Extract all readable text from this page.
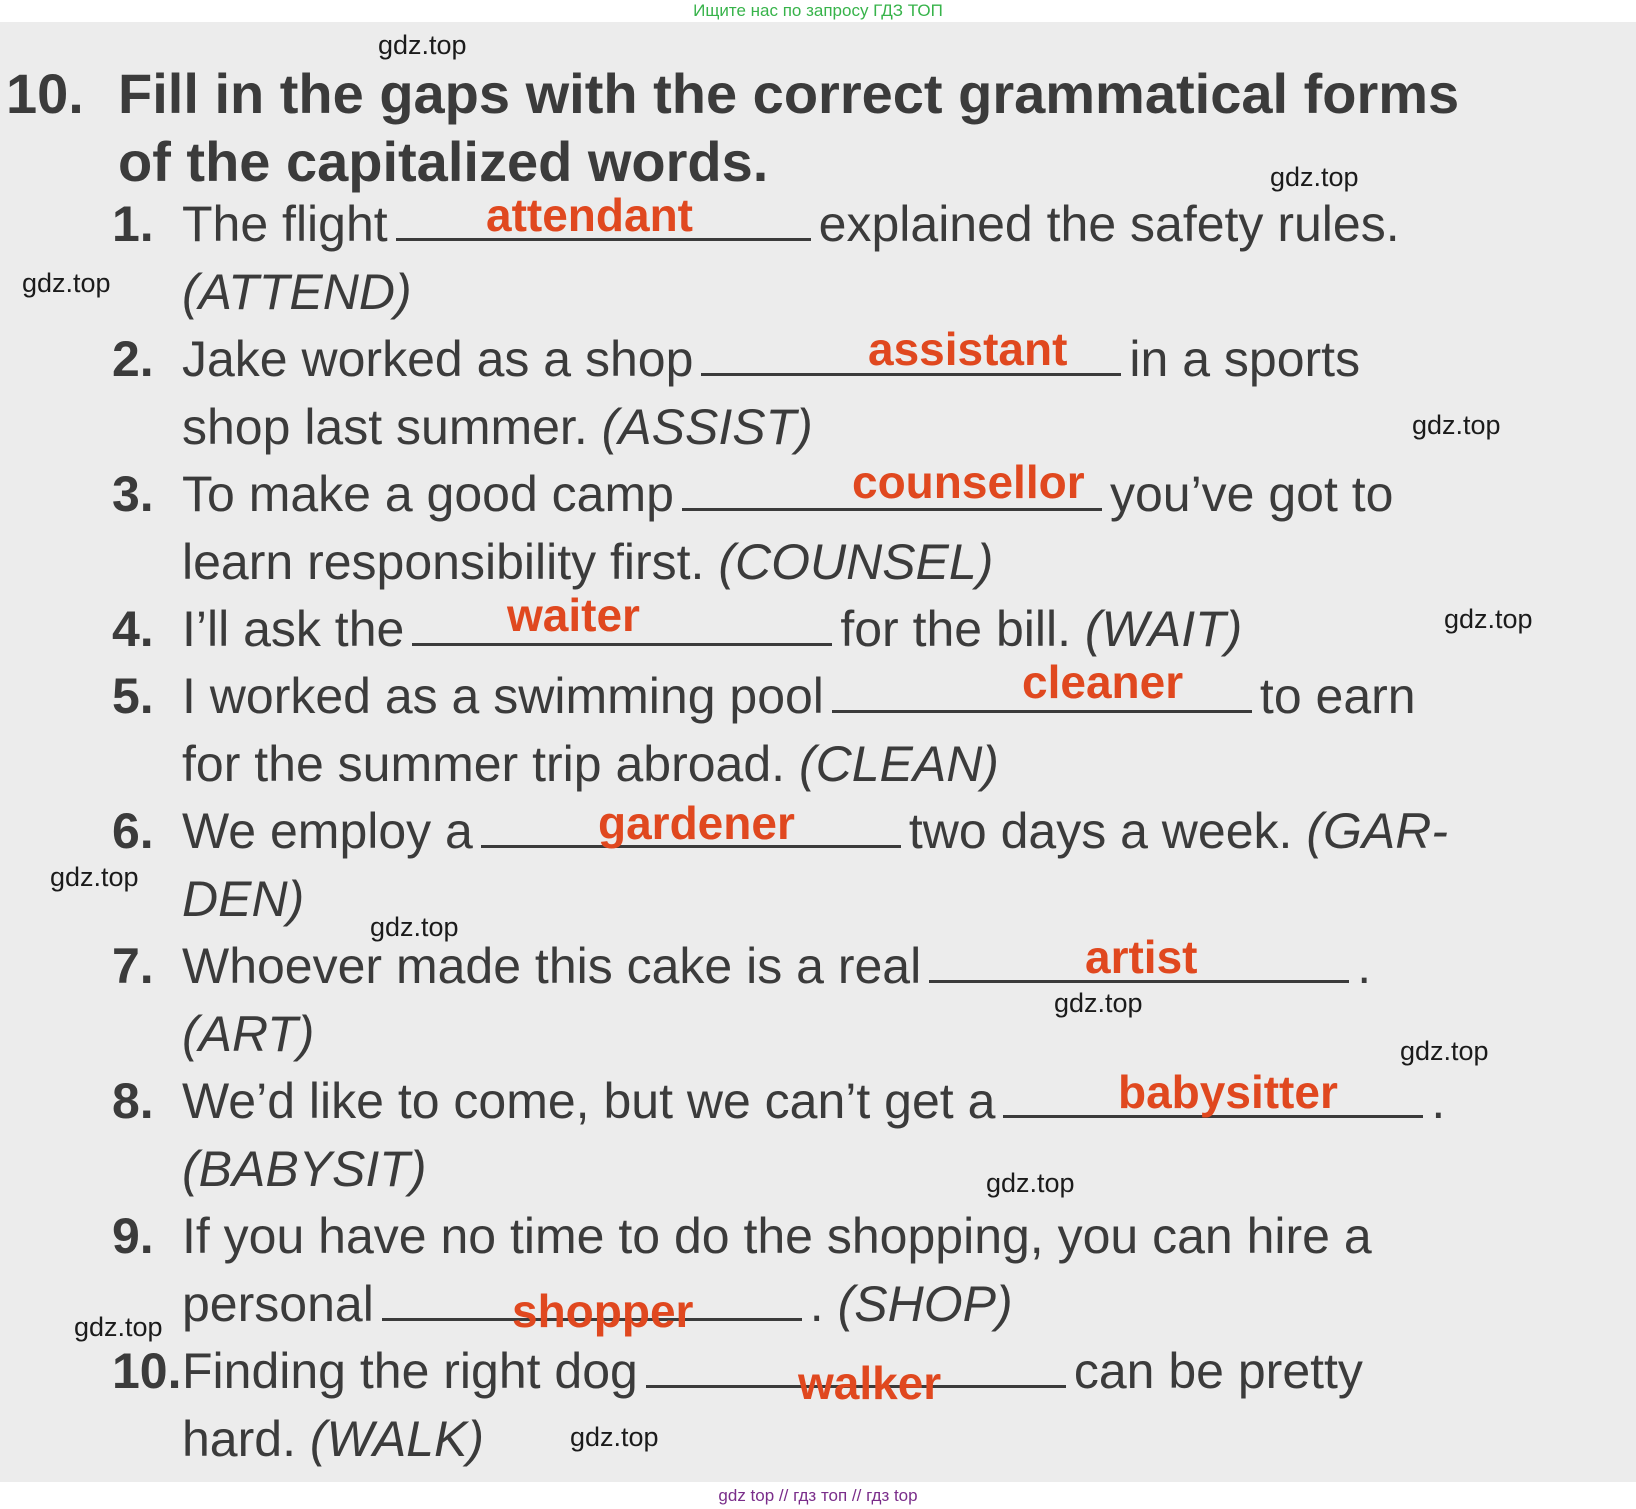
Ищите нас по запросу ГДЗ ТОП
10. Fill in the gaps with the correct grammatical forms
of the capitalized words.
1. The flight	explained the safety rules.
(ATTEND)
attendant
2. Jake worked as a shop	in a sports
shop last summer. (ASSIST)
assistant
3. To make a good camp	you’ve got to
learn responsibility first. (COUNSEL)
counsellor
4. I’ll ask the	for the bill. (WAIT)
waiter
5. I worked as a swimming pool	to earn
for the summer trip abroad. (CLEAN)
cleaner
6. We employ a	two days a week. (GAR-
DEN)
gardener
7. Whoever made this cake is a real	.
(ART)
artist
8. We’d like to come, but we can’t get a	.
(BABYSIT)
babysitter
9. If you have no time to do the shopping, you can hire a
personal	. (SHOP)
shopper
10.Finding the right dog	can be pretty
hard. (WALK)
walker
gdz.top
gdz.top
gdz.top
gdz.top
gdz.top
gdz.top
gdz.top
gdz.top
gdz.top
gdz.top
gdz.top
gdz.top
gdz top // гдз топ // гдз top
